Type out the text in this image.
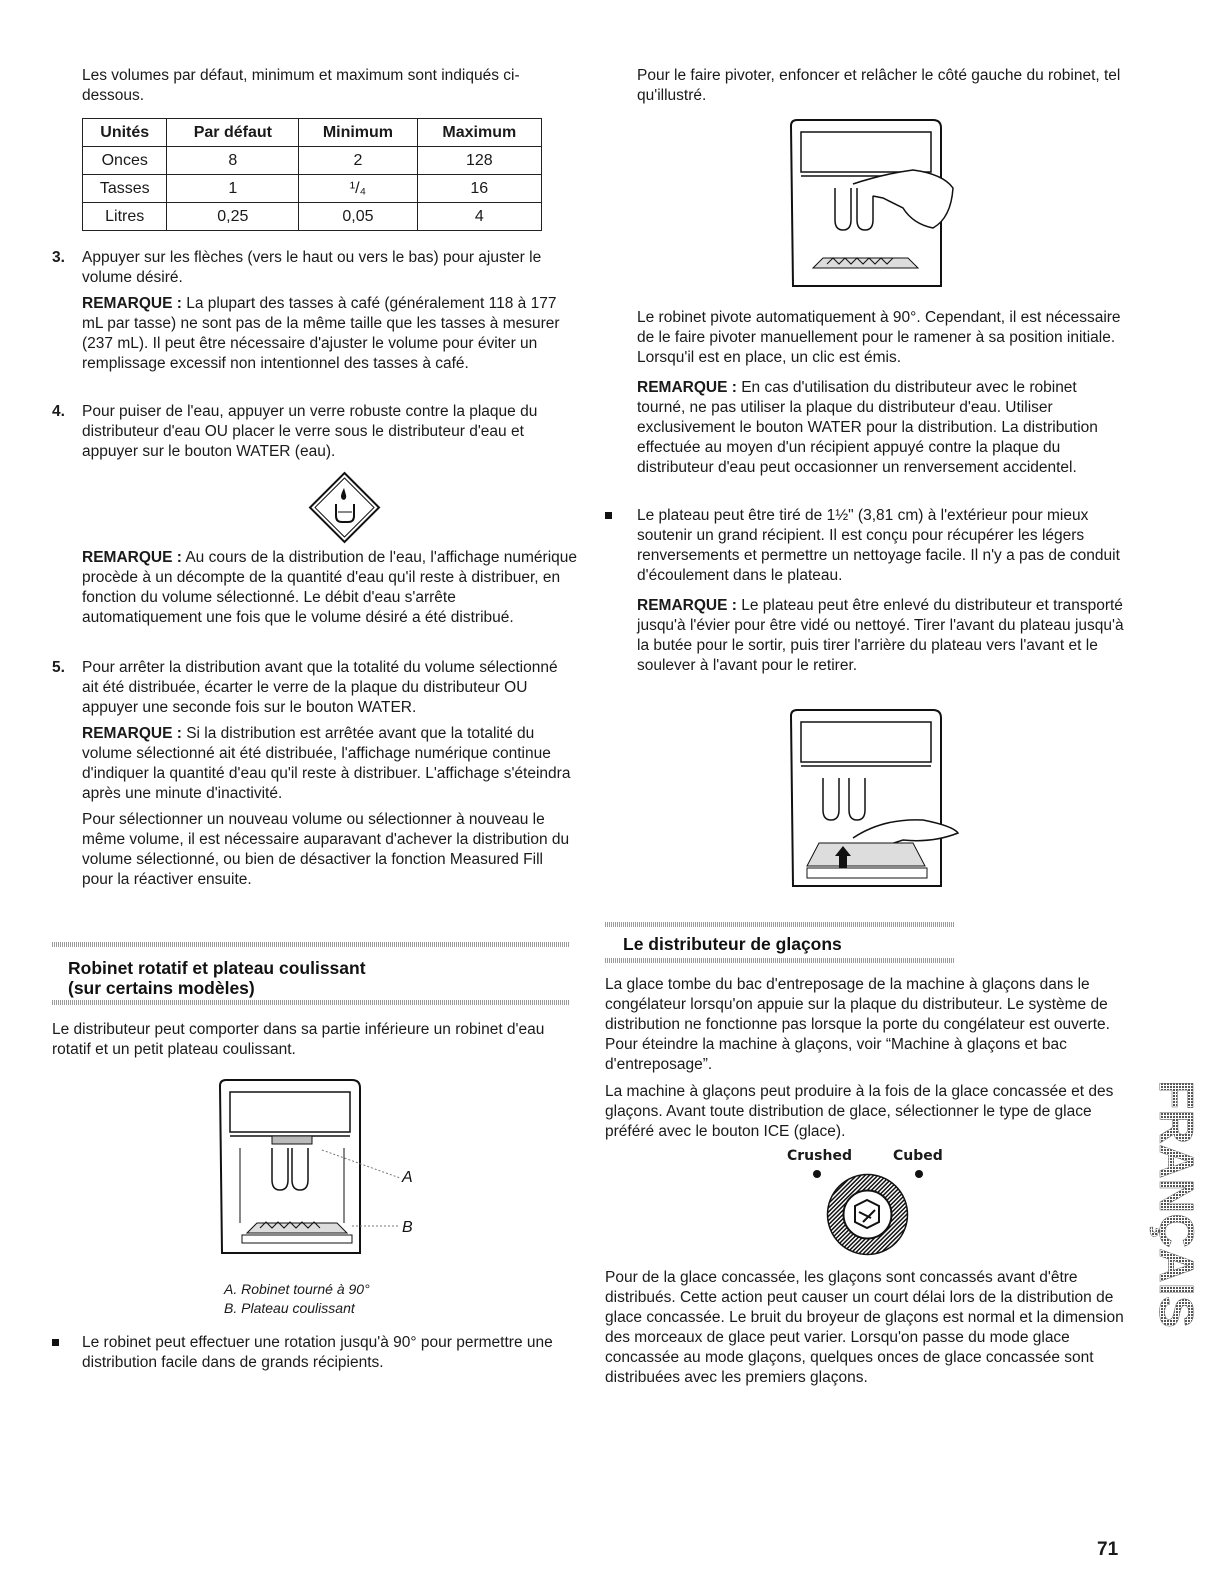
Les volumes par défaut, minimum et maximum sont indiqués ci-dessous.

Unités	Par défaut	Minimum	Maximum
Onces	8	2	128
Tasses	1	¹/₄	16
Litres	0,25	0,05	4
3.	Appuyer sur les flèches (vers le haut ou vers le bas) pour ajuster le volume désiré.

REMARQUE : La plupart des tasses à café (généralement 118 à 177 mL par tasse) ne sont pas de la même taille que les tasses à mesurer (237 mL). Il peut être nécessaire d'ajuster le volume pour éviter un remplissage excessif non intentionnel des tasses à café.

4.	Pour puiser de l'eau, appuyer un verre robuste contre la plaque du distributeur d'eau OU placer le verre sous le distributeur d'eau et appuyer sur le bouton WATER (eau).

REMARQUE : Au cours de la distribution de l'eau, l'affichage numérique procède à un décompte de la quantité d'eau qu'il reste à distribuer, en fonction du volume sélectionné. Le débit d'eau s'arrête automatiquement une fois que le volume désiré a été distribué.

5.	Pour arrêter la distribution avant que la totalité du volume sélectionné ait été distribuée, écarter le verre de la plaque du distributeur OU appuyer une seconde fois sur le bouton WATER.

REMARQUE : Si la distribution est arrêtée avant que la totalité du volume sélectionné ait été distribuée, l'affichage numérique continue d'indiquer la quantité d'eau qu'il reste à distribuer. L'affichage s'éteindra après une minute d'inactivité.

Pour sélectionner un nouveau volume ou sélectionner à nouveau le même volume, il est nécessaire auparavant d'achever la distribution du volume sélectionné, ou bien de désactiver la fonction Measured Fill pour la réactiver ensuite.

Robinet rotatif et plateau coulissant
(sur certains modèles)

Le distributeur peut comporter dans sa partie inférieure un robinet d'eau rotatif et un petit plateau coulissant.

A
B

A. Robinet tourné à 90°

B. Plateau coulissant

Le robinet peut effectuer une rotation jusqu'à 90° pour permettre une distribution facile dans de grands récipients.

Pour le faire pivoter, enfoncer et relâcher le côté gauche du robinet, tel qu'illustré.

Le robinet pivote automatiquement à 90°. Cependant, il est nécessaire de le faire pivoter manuellement pour le ramener à sa position initiale. Lorsqu'il est en place, un clic est émis.

REMARQUE : En cas d'utilisation du distributeur avec le robinet tourné, ne pas utiliser la plaque du distributeur d'eau. Utiliser exclusivement le bouton WATER pour la distribution. La distribution effectuée au moyen d'un récipient appuyé contre la plaque du distributeur d'eau peut occasionner un renversement accidentel.

Le plateau peut être tiré de 1½" (3,81 cm) à l'extérieur pour mieux soutenir un grand récipient. Il est conçu pour récupérer les légers renversements et permettre un nettoyage facile. Il n'y a pas de conduit d'écoulement dans le plateau.

REMARQUE : Le plateau peut être enlevé du distributeur et transporté jusqu'à l'évier pour être vidé ou nettoyé. Tirer l'avant du plateau jusqu'à la butée pour le sortir, puis tirer l'arrière du plateau vers l'avant et le soulever à l'avant pour le retirer.

Le distributeur de glaçons

La glace tombe du bac d'entreposage de la machine à glaçons dans le congélateur lorsqu'on appuie sur la plaque du distributeur. Le système de distribution ne fonctionne pas lorsque la porte du congélateur est ouverte. Pour éteindre la machine à glaçons, voir “Machine à glaçons et bac d'entreposage”.

La machine à glaçons peut produire à la fois de la glace concassée et des glaçons. Avant toute distribution de glace, sélectionner le type de glace préféré avec le bouton ICE (glace).

Crushed	Cubed

Pour de la glace concassée, les glaçons sont concassés avant d'être distribués. Cette action peut causer un court délai lors de la distribution de glace concassée. Le bruit du broyeur de glaçons est normal et la dimension des morceaux de glace peut varier. Lorsqu'on passe du mode glace concassée au mode glaçons, quelques onces de glace concassée sont distribuées avec les premiers glaçons.

FRANÇAIS
71
